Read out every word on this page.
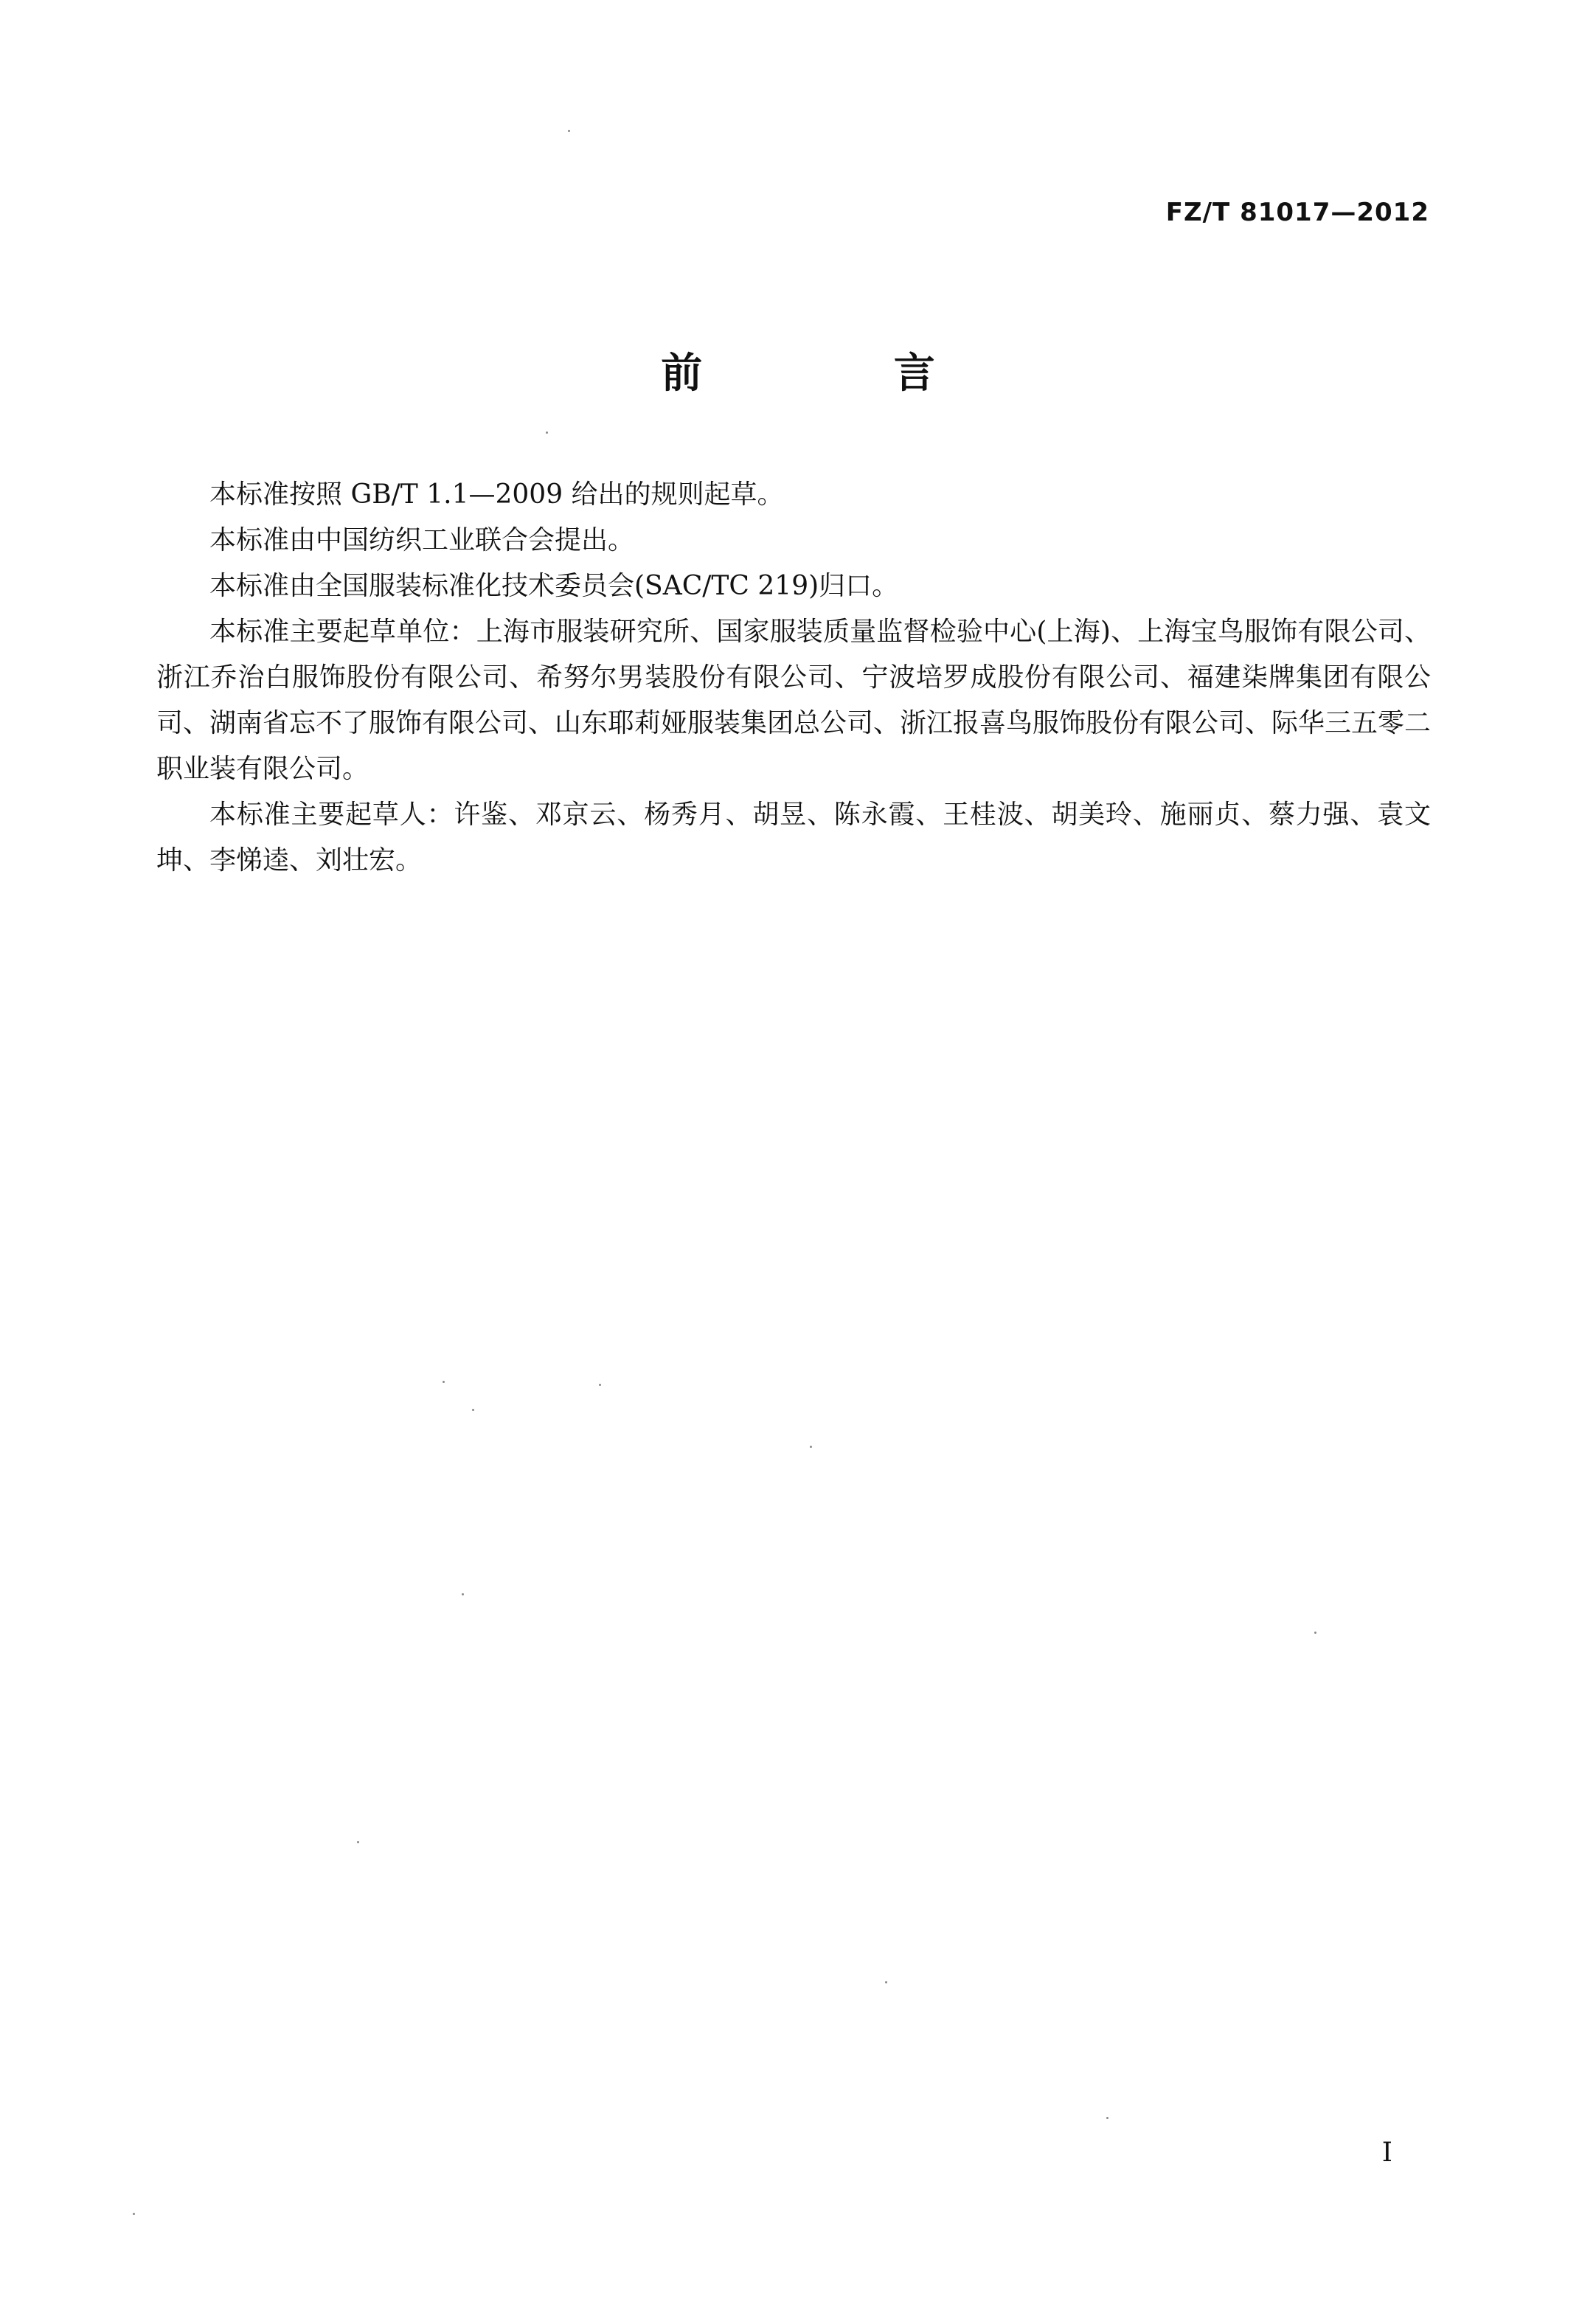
FZ/T 81017—2012
前 言

本标准按照 GB/T 1.1—2009 给出的规则起草。

本标准由中国纺织工业联合会提出。

本标准由全国服装标准化技术委员会(SAC/TC 219)归口。

本标准主要起草单位：上海市服装研究所、国家服装质量监督检验中心(上海)、上海宝鸟服饰有限公司、浙江乔治白服饰股份有限公司、希努尔男装股份有限公司、宁波培罗成股份有限公司、福建柒牌集团有限公司、湖南省忘不了服饰有限公司、山东耶莉娅服装集团总公司、浙江报喜鸟服饰股份有限公司、际华三五零二职业装有限公司。

本标准主要起草人：许鉴、邓京云、杨秀月、胡昱、陈永霞、王桂波、胡美玲、施丽贞、蔡力强、袁文坤、李悌逵、刘壮宏。

I
